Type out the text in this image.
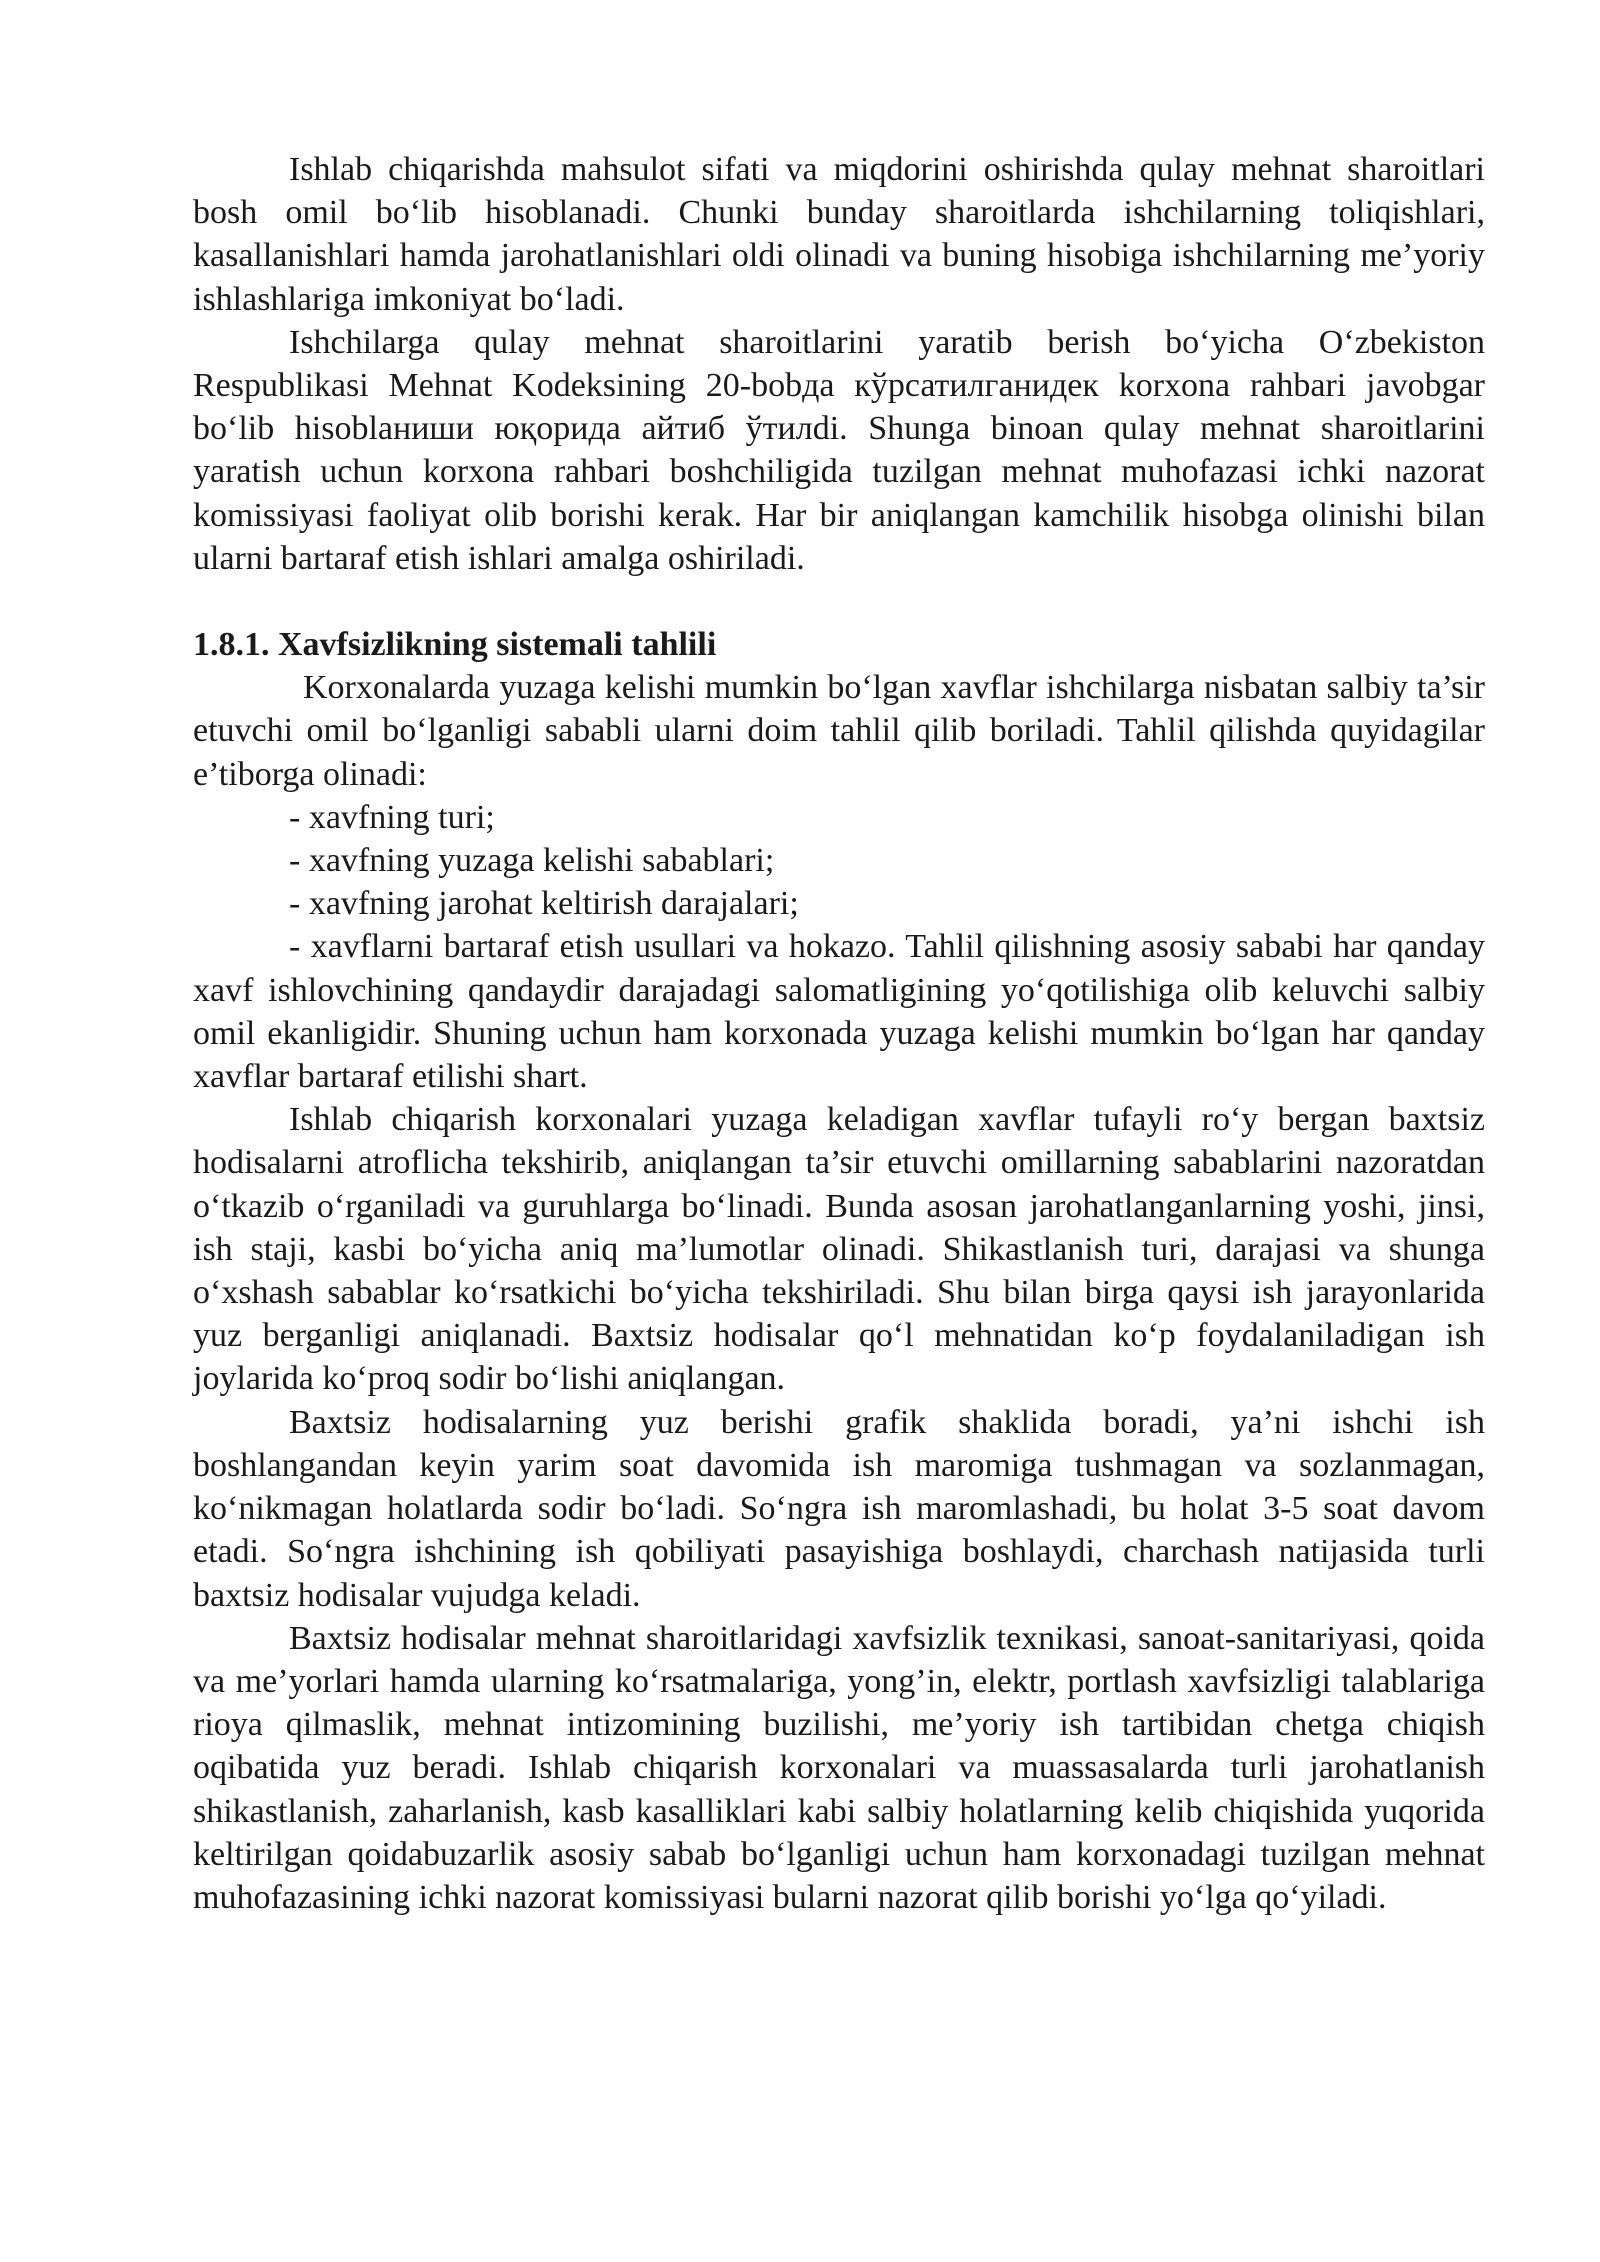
Ishlab chiqarishda mahsulot sifati va miqdorini oshirishda qulay mehnat sharoitlari bosh omil bo‘lib hisoblanadi. Chunki bunday sharoitlarda ishchilarning toliqishlari, kasallanishlari hamda jarohatlanishlari oldi olinadi va buning hisobiga ishchilarning me’yoriy ishlashlariga imkoniyat bo‘ladi.

Ishchilarga qulay mehnat sharoitlarini yaratib berish bo‘yicha O‘zbekiston Respublikasi Mehnat Kodeksining 20-bobда кўрсатилганидек korxona rahbari javobgar bo‘lib hisoblaниши юқорида айтиб ўтилdi. Shunga binoan qulay mehnat sharoitlarini yaratish uchun korxona rahbari boshchiligida tuzilgan mehnat muhofazasi ichki nazorat komissiyasi faoliyat olib borishi kerak. Har bir aniqlangan kamchilik hisobga olinishi bilan ularni bartaraf etish ishlari amalga oshiriladi.

1.8.1. Xavfsizlikning sistemali tahlili

Korxonalarda yuzaga kelishi mumkin bo‘lgan xavflar ishchilarga nisbatan salbiy ta’sir etuvchi omil bo‘lganligi sababli ularni doim tahlil qilib boriladi. Tahlil qilishda quyidagilar e’tiborga olinadi:

- xavfning turi;

- xavfning yuzaga kelishi sabablari;

- xavfning jarohat keltirish darajalari;

- xavflarni bartaraf etish usullari va hokazo. Tahlil qilishning asosiy sababi har qanday xavf ishlovchining qandaydir darajadagi salomatligining yo‘qotilishiga olib keluvchi salbiy omil ekanligidir. Shuning uchun ham korxonada yuzaga kelishi mumkin bo‘lgan har qanday xavflar bartaraf etilishi shart.

Ishlab chiqarish korxonalari yuzaga keladigan xavflar tufayli ro‘y bergan baxtsiz hodisalarni atroflicha tekshirib, aniqlangan ta’sir etuvchi omillarning sabablarini nazoratdan o‘tkazib o‘rganiladi va guruhlarga bo‘linadi. Bunda asosan jarohatlanganlarning yoshi, jinsi, ish staji, kasbi bo‘yicha aniq ma’lumotlar olinadi. Shikastlanish turi, darajasi va shunga o‘xshash sabablar ko‘rsatkichi bo‘yicha tekshiriladi. Shu bilan birga qaysi ish jarayonlarida yuz berganligi aniqlanadi. Baxtsiz hodisalar qo‘l mehnatidan ko‘p foydalaniladigan ish joylarida ko‘proq sodir bo‘lishi aniqlangan.

Baxtsiz hodisalarning yuz berishi grafik shaklida boradi, ya’ni ishchi ish boshlangandan keyin yarim soat davomida ish maromiga tushmagan va sozlanmagan, ko‘nikmagan holatlarda sodir bo‘ladi. So‘ngra ish maromlashadi, bu holat 3-5 soat davom etadi. So‘ngra ishchining ish qobiliyati pasayishiga boshlaydi, charchash natijasida turli baxtsiz hodisalar vujudga keladi.

Baxtsiz hodisalar mehnat sharoitlaridagi xavfsizlik texnikasi, sanoat-sanitariyasi, qoida va me’yorlari hamda ularning ko‘rsatmalariga, yong’in, elektr, portlash xavfsizligi talablariga rioya qilmaslik, mehnat intizomining buzilishi, me’yoriy ish tartibidan chetga chiqish oqibatida yuz beradi. Ishlab chiqarish korxonalari va muassasalarda turli jarohatlanish shikastlanish, zaharlanish, kasb kasalliklari kabi salbiy holatlarning kelib chiqishida yuqorida keltirilgan qoidabuzarlik asosiy sabab bo‘lganligi uchun ham korxonadagi tuzilgan mehnat muhofazasining ichki nazorat komissiyasi bularni nazorat qilib borishi yo‘lga qo‘yiladi.
